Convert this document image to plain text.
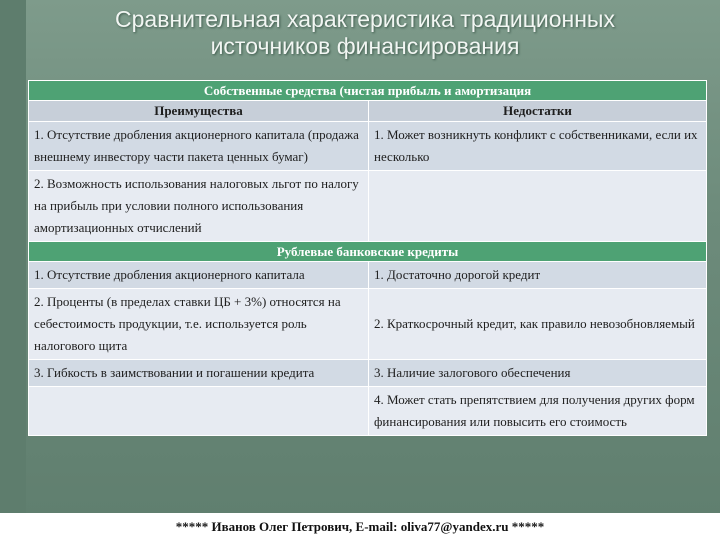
Сравнительная характеристика традиционных
источников финансирования
Собственные средства (чистая прибыль и амортизация	
Преимущества	Недостатки
1. Отсутствие дробления акционерного капитала (продажа внешнему инвестору части пакета ценных бумаг)	1. Может возникнуть конфликт с собственниками, если их несколько
2. Возможность использования налоговых льгот по налогу на прибыль при условии полного использования амортизационных отчислений	
Рублевые банковские кредиты	
1. Отсутствие дробления акционерного капитала	1. Достаточно дорогой кредит
2. Проценты (в пределах ставки ЦБ + 3%) относятся на себестоимость продукции, т.е. используется роль налогового щита	2. Краткосрочный кредит, как правило невозобновляемый
3. Гибкость в заимствовании и погашении кредита	3. Наличие залогового обеспечения
	4. Может стать препятствием для получения других форм финансирования или повысить его стоимость
***** Иванов Олег Петрович, E-mail: oliva77@yandex.ru *****
